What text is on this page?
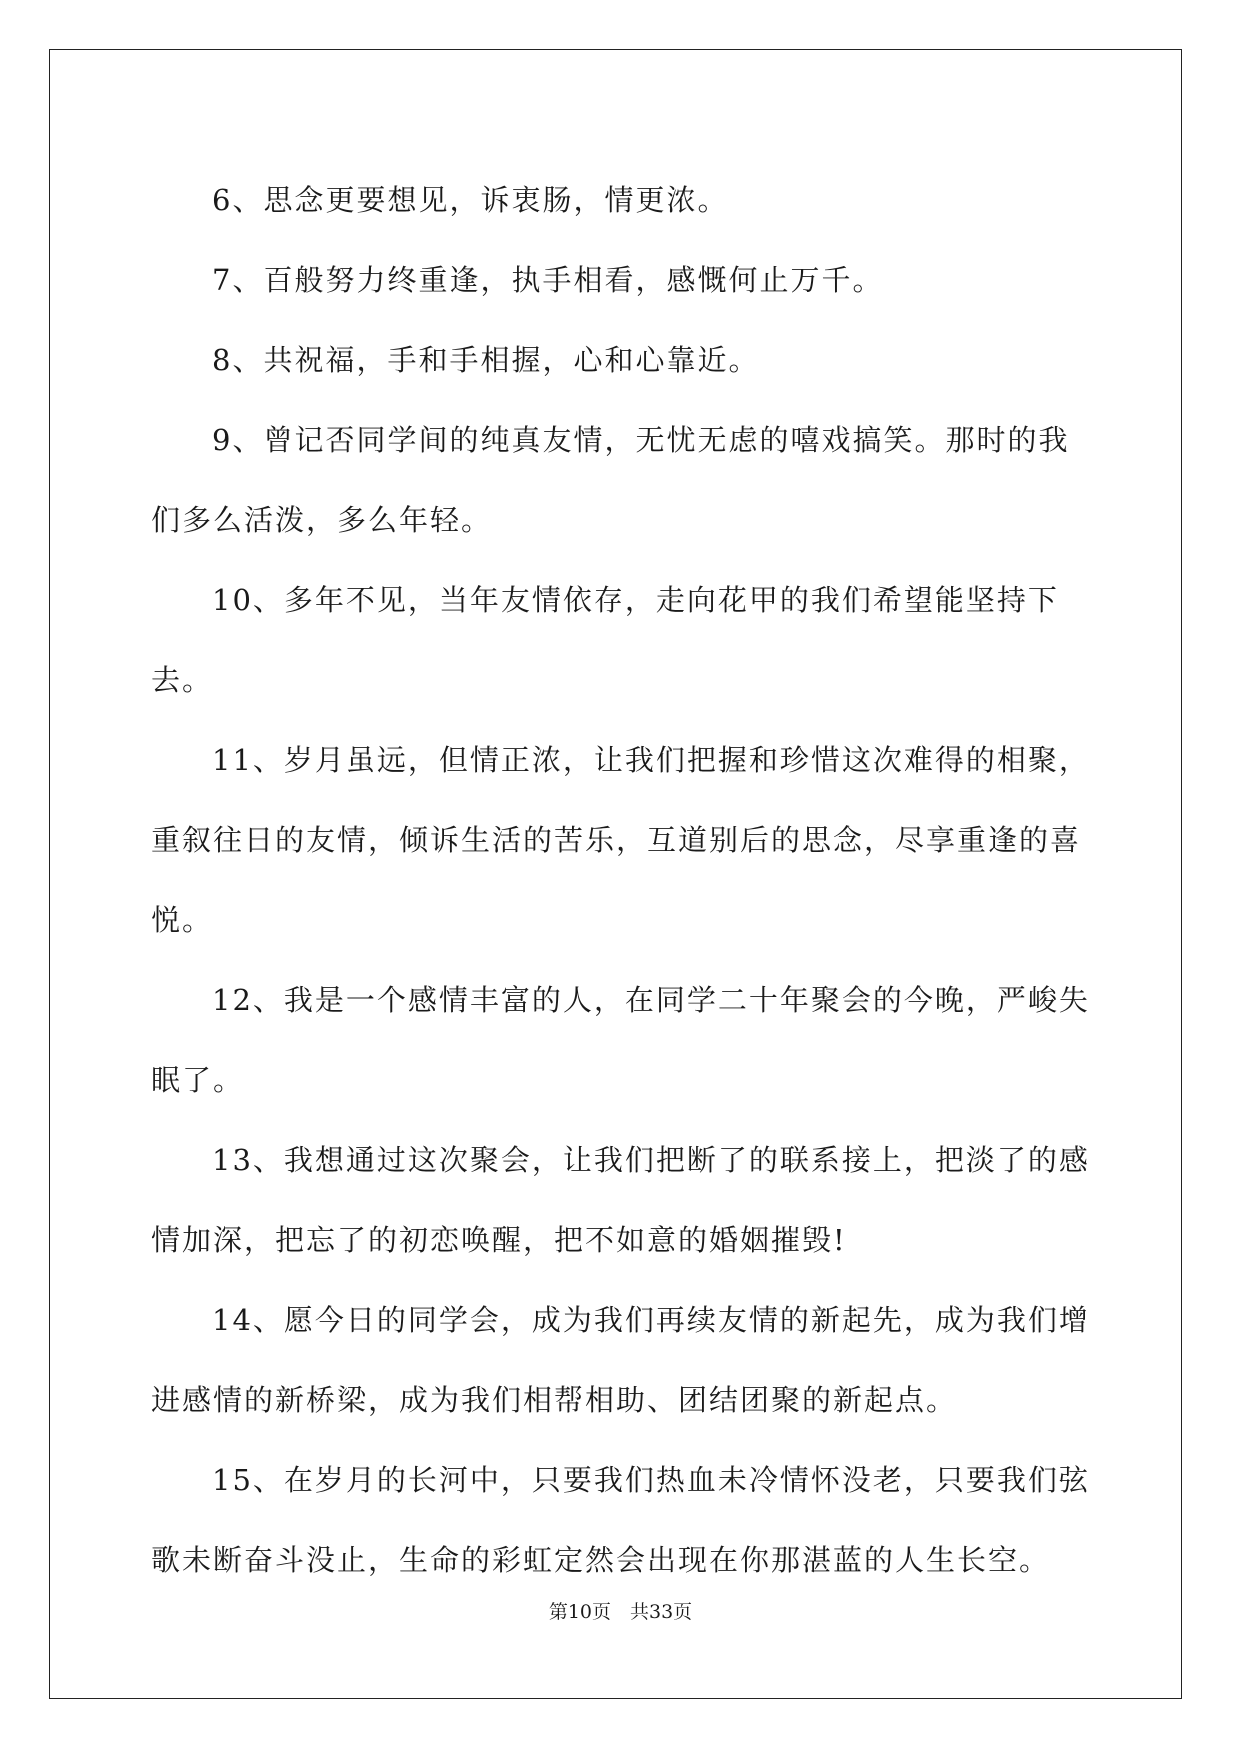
6、思念更要想见，诉衷肠，情更浓。

7、百般努力终重逢，执手相看，感慨何止万千。

8、共祝福，手和手相握，心和心靠近。

9、曾记否同学间的纯真友情，无忧无虑的嘻戏搞笑。那时的我们多么活泼，多么年轻。

10、多年不见，当年友情依存，走向花甲的我们希望能坚持下去。

11、岁月虽远，但情正浓，让我们把握和珍惜这次难得的相聚，重叙往日的友情，倾诉生活的苦乐，互道别后的思念，尽享重逢的喜悦。

12、我是一个感情丰富的人，在同学二十年聚会的今晚，严峻失眠了。

13、我想通过这次聚会，让我们把断了的联系接上，把淡了的感情加深，把忘了的初恋唤醒，把不如意的婚姻摧毁!

14、愿今日的同学会，成为我们再续友情的新起先，成为我们增进感情的新桥梁，成为我们相帮相助、团结团聚的新起点。

15、在岁月的长河中，只要我们热血未冷情怀没老，只要我们弦歌未断奋斗没止，生命的彩虹定然会出现在你那湛蓝的人生长空。

第10页　共33页
